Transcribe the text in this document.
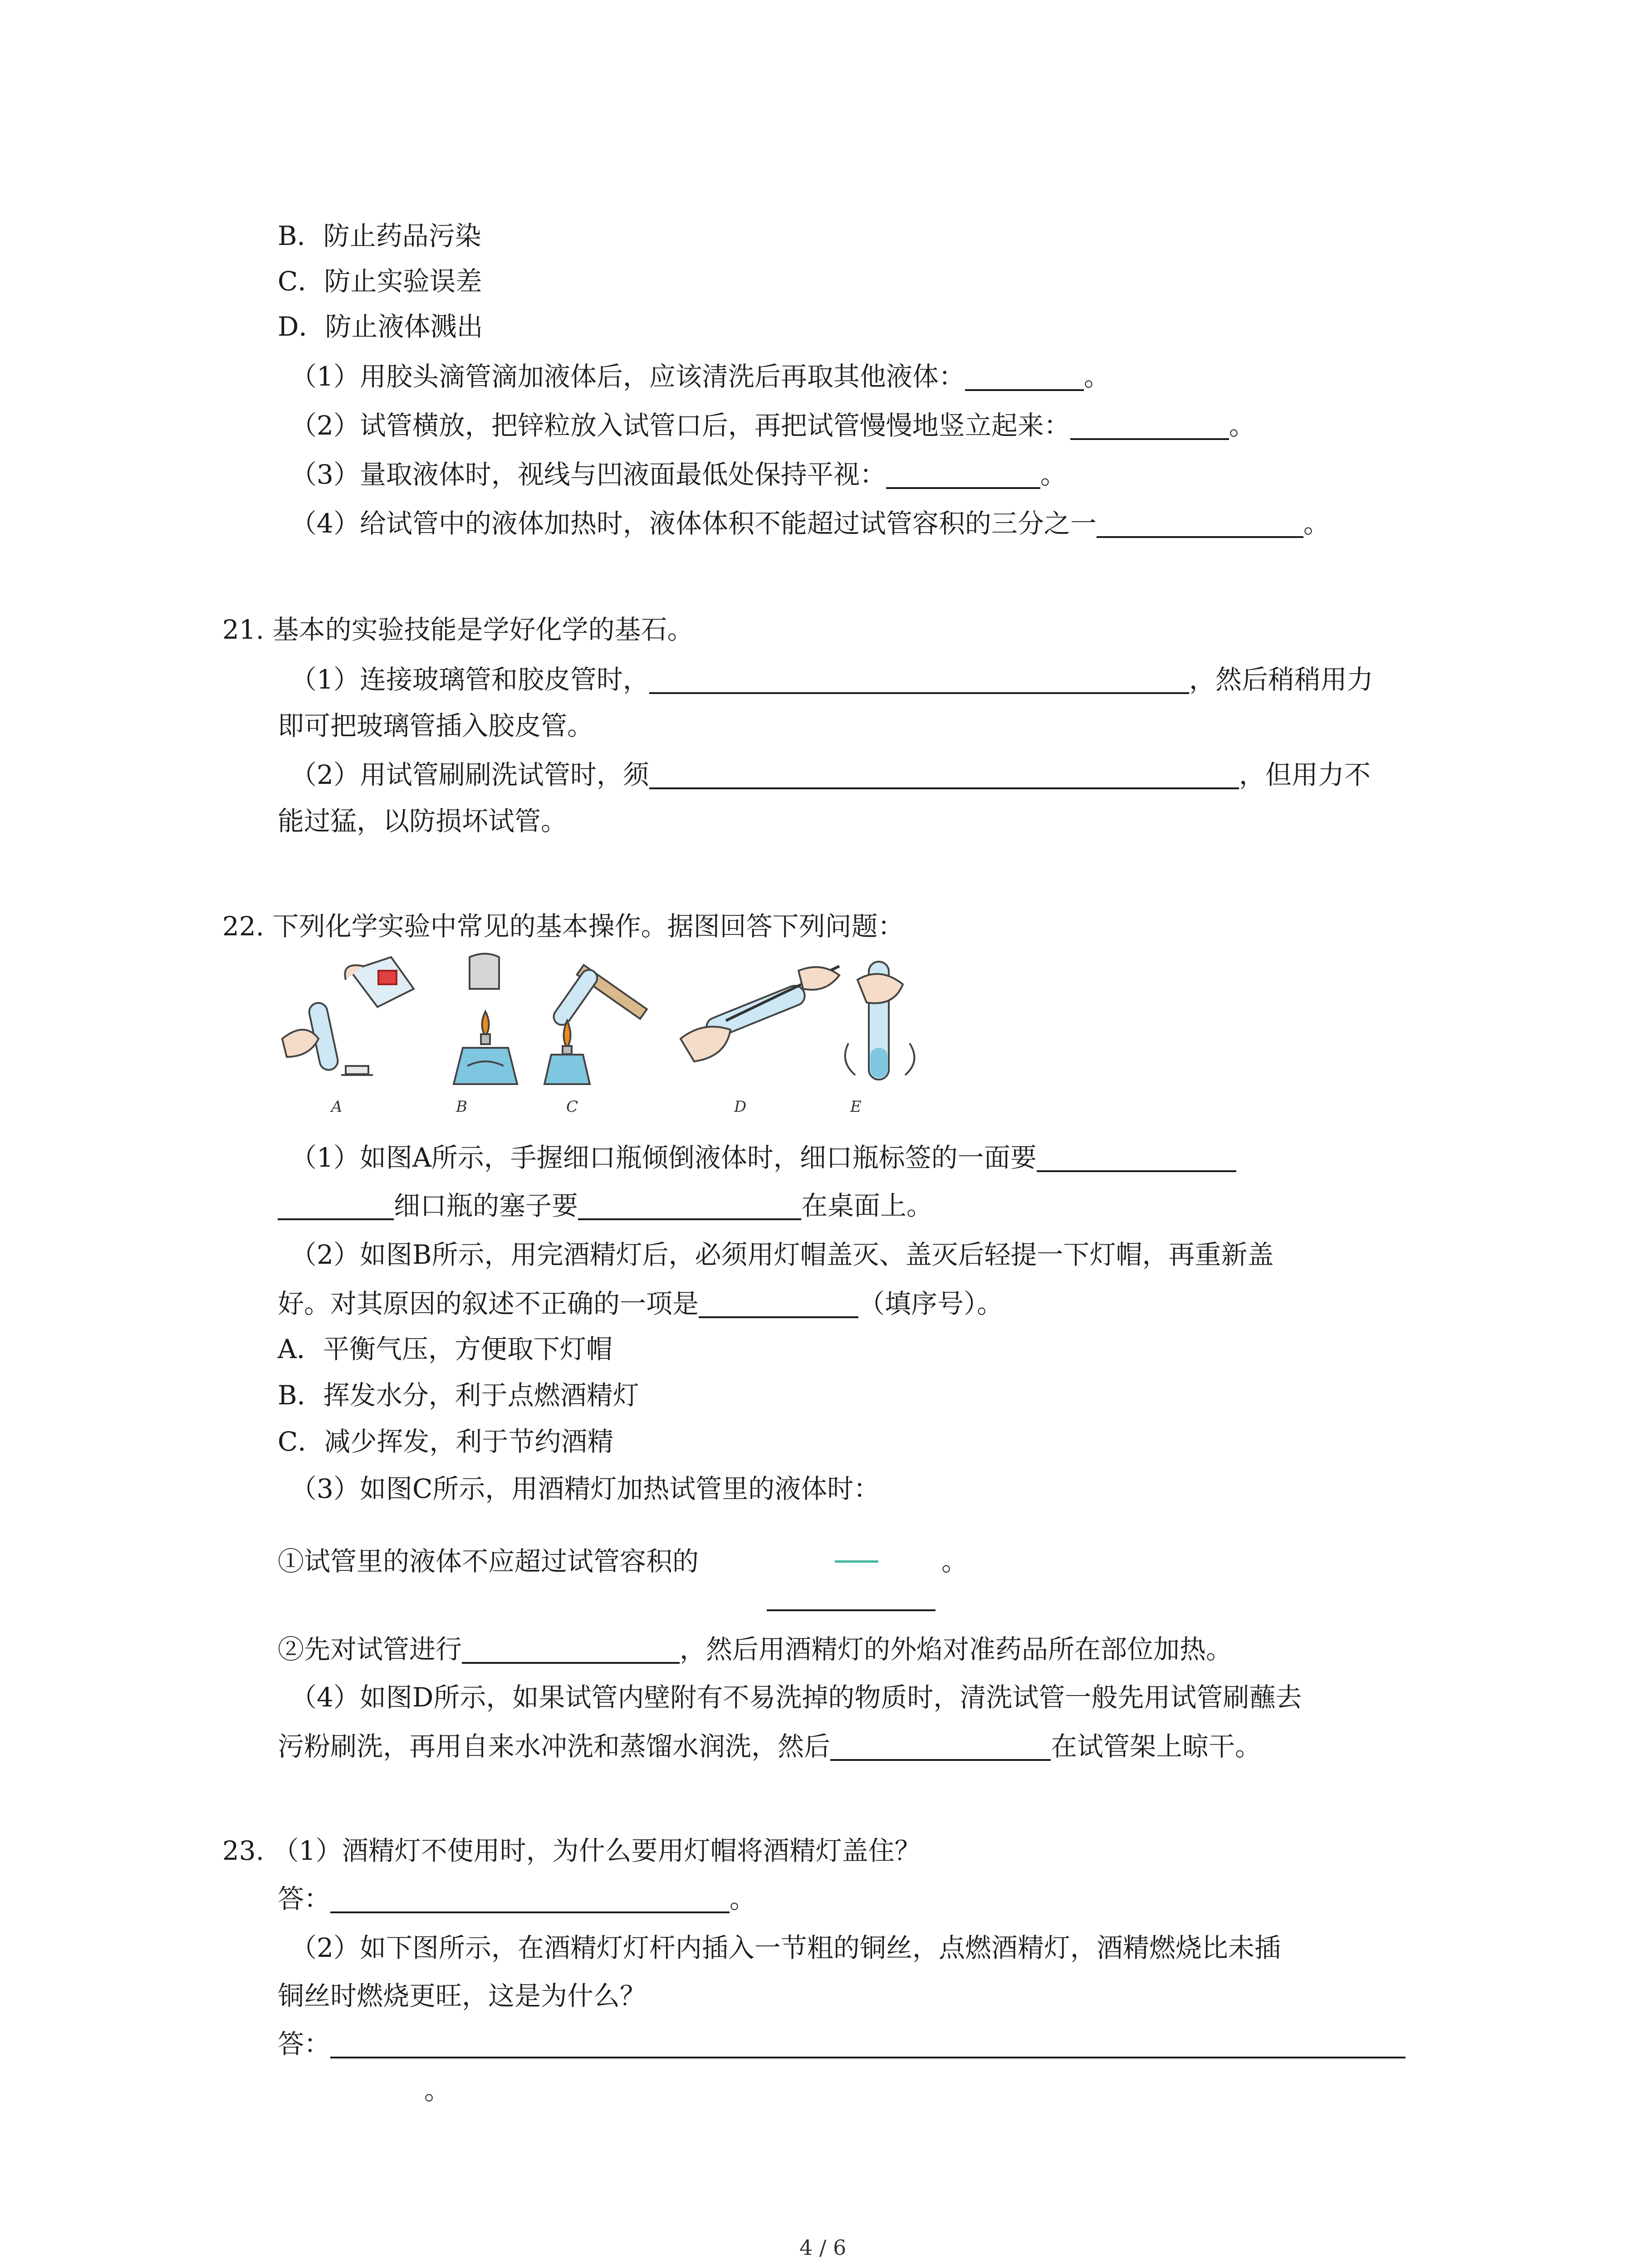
B．防止药品污染
C．防止实验误差
D．防止液体溅出
（1）用胶头滴管滴加液体后，应该清洗后再取其他液体：	。
（2）试管横放，把锌粒放入试管口后，再把试管慢慢地竖立起来：	。
（3）量取液体时，视线与凹液面最低处保持平视：	。
（4）给试管中的液体加热时，液体体积不能超过试管容积的三分之一	。
21. 基本的实验技能是学好化学的基石。
（1）连接玻璃管和胶皮管时，	，然后稍稍用力
即可把玻璃管插入胶皮管。
（2）用试管刷刷洗试管时，须	，但用力不
能过猛，以防损坏试管。
22. 下列化学实验中常见的基本操作。据图回答下列问题：
A	B	C	D	E
（1）如图A所示，手握细口瓶倾倒液体时，细口瓶标签的一面要
细口瓶的塞子要	在桌面上。
（2）如图B所示，用完酒精灯后，必须用灯帽盖灭、盖灭后轻提一下灯帽，再重新盖
好。对其原因的叙述不正确的一项是	（填序号）。
A．平衡气压，方便取下灯帽
B．挥发水分，利于点燃酒精灯
C．减少挥发，利于节约酒精
（3）如图C所示，用酒精灯加热试管里的液体时：
①试管里的液体不应超过试管容积的	。
②先对试管进行	，然后用酒精灯的外焰对准药品所在部位加热。
（4）如图D所示，如果试管内壁附有不易洗掉的物质时，清洗试管一般先用试管刷蘸去
污粉刷洗，再用自来水冲洗和蒸馏水润洗，然后	在试管架上晾干。
23. （1）酒精灯不使用时，为什么要用灯帽将酒精灯盖住？
答：	。
（2）如下图所示，在酒精灯灯杆内插入一节粗的铜丝，点燃酒精灯，酒精燃烧比未插
铜丝时燃烧更旺，这是为什么？
答：
。
4 / 6
